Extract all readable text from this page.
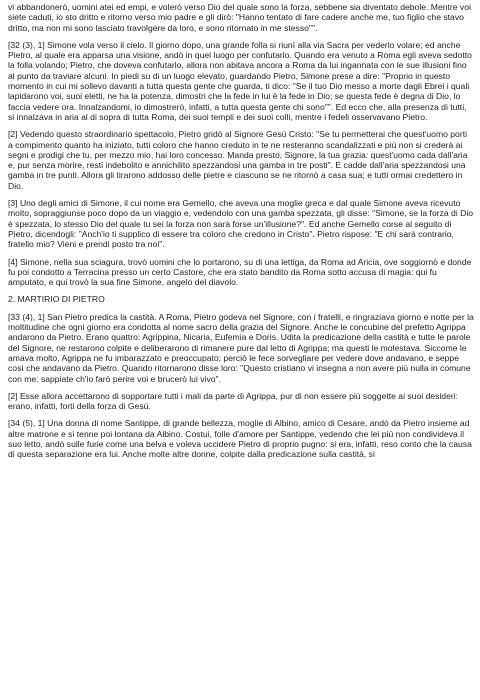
vi abbandonerò, uomini atei ed empi, e volerò verso Dio del quale sono la forza, sebbene sia diventato debole. Mentre voi siete caduti, io sto dritto e ritorno verso mio padre e gli dirò: "Hanno tentato di fare cadere anche me, tuo figlio che stavo dritto, ma non mi sono lasciato travolgere da loro, e sono ritornato in me stesso"".

[32 (3), 1] Simone vola verso il cielo. Il giorno dopo, una grande folla si riunì alla via Sacra per vederlo volare; ed anche Pietro, al quale era apparsa una visione, andò in quel luogo per confutarlo. Quando era venuto a Roma egli aveva sedotto la folla volando; Pietro, che doveva confutarlo, allora non abitava ancora a Roma da lui ingannata con le sue illusioni fino al punto da traviare alcuni. In piedi su di un luogo elevato, guardando Pietro, Simone prese a dire: "Proprio in questo momento in cui mi sollevo davanti a tutta questa gente che guarda, ti dico: "Se il tuo Dio messo a morte dagli Ebrei i quali lapidarono voi, suoi eletti, ne ha la potenza, dimostri che la fede in lui è la fede in Dio; se questa fede è degna di Dio, lo faccia vedere ora. Innalzandomi, io dimostrerò, infatti, a tutta questa gente chi sono"". Ed ecco che, alla presenza di tutti, si innalzava in aria al di sopra di tutta Roma, dei suoi templi e dei suoi colli, mentre i fedeli osservavano Pietro.

[2] Vedendo questo straordinario spettacolo, Pietro gridò al Signore Gesù Cristo: "Se tu permetterai che quest'uomo porti a compimento quanto ha iniziato, tutti coloro che hanno creduto in te ne resteranno scandalizzati e più non si crederà ai segni e prodigi che tu, per mezzo mio, hai loro concesso. Manda presto, Signore, la tua grazia: quest'uomo cada dall'aria e, pur senza morire, resti indebolito e annichilito spezzandosi una gamba in tre posti". E cadde dall'aria spezzandosi una gamba in tre punti. Allora gli tirarono addosso delle pietre e ciascuno se ne ritornò a casa sua; e tutti ormai credettero in Dio.

[3] Uno degli amici di Simone, il cui nome era Gemello, che aveva una moglie greca e dal quale Simone aveva ricevuto molto, sopraggiunse poco dopo da un viaggio e, vedendolo con una gamba spezzata, gli disse: "Simone, se la forza di Dio è spezzata, lo stesso Dio del quale tu sei la forza non sarà forse un'illusione?". Ed anche Gemello corse al seguito di Pietro, dicendogli: "Anch'io ti supplico di essere tra coloro che credono in Cristo". Pietro rispose: "E chi sarà contrario, fratello mio? Vieni e prendi posto tra noi".

[4] Simone, nella sua sciagura, trovò uomini che lo portarono, su di una lettiga, da Roma ad Aricia, ove soggiornò e donde fu poi condotto a Terracina presso un certo Castore, che era stato bandito da Roma sotto accusa di magia: qui fu amputato, e qui trovò la sua fine Simone, angelo del diavolo.

2. MARTIRIO DI PIETRO

[33 (4), 1] San Pietro predica la castità. A Roma, Pietro godeva nel Signore, con i fratelli, e ringraziava giorno e notte per la moltitudine che ogni giorno era condotta al nome sacro della grazia del Signore. Anche le concubine del prefetto Agrippa andarono da Pietro. Erano quattro: Agrippina, Nicaria, Eufemia e Doris. Udita la predicazione della castità e tutte le parole del Signore, ne restarono colpite e deliberarono di rimanere pure dal letto di Agrippa; ma questi le molestava. Siccome le amava molto, Agrippa ne fu imbarazzato e preoccupato; perciò le fece sorvegliare per vedere dove andavano, e seppe così che andavano da Pietro. Quando ritornarono disse loro: "Questo cristiano vi insegna a non avere più nulla in comune con me: sappiate ch'io farò perire voi e brucerò lui vivo".

[2] Esse allora accettarono di sopportare tutti i mali da parte di Agrippa, pur di non essere più soggette ai suoi desideri: erano, infatti, forti della forza di Gesù.

[34 (5), 1] Una donna di nome Santippe, di grande bellezza, moglie di Albino, amico di Cesare, andò da Pietro insieme ad altre matrone e si tenne poi lontana da Albino. Costui, folle d'amore per Santippe, vedendo che lei più non condivideva il suo letto, andò sulle furie come una belva e voleva uccidere Pietro di proprio pugno: si era, infatti, reso conto che la causa di questa separazione era lui. Anche molte altre donne, colpite dalla predicazione sulla castità, si
